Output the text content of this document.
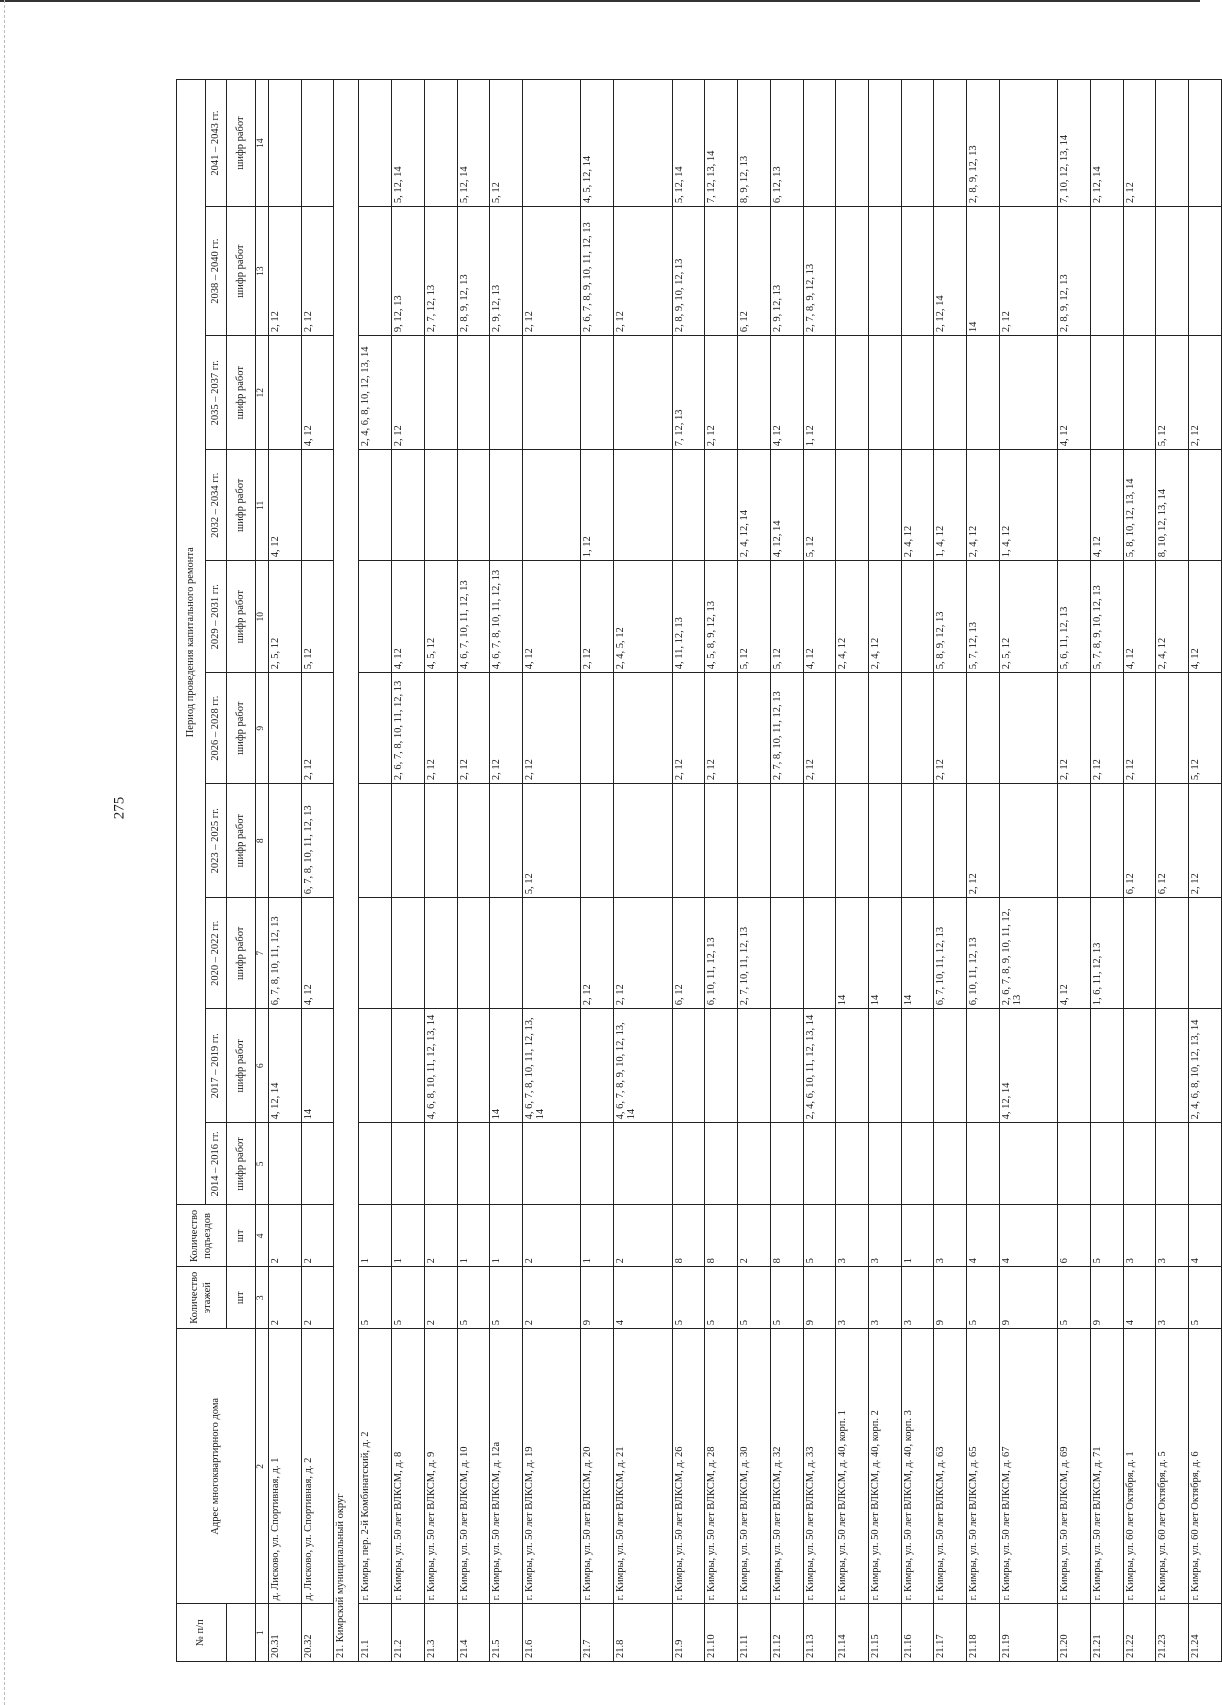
275
№ п/п	Адрес многоквартирного дома	Количество этажей	Количество подъездов	Период проведения капитального ремонта									
				2014 – 2016 гг.	2017 – 2019 гг.	2020 – 2022 гг.	2023 – 2025 гг.	2026 – 2028 гг.	2029 – 2031 гг.	2032 – 2034 гг.	2035 – 2037 гг.	2038 – 2040 гг.	2041 – 2043 гг.
		шт	шт	шифр работ	шифр работ	шифр работ	шифр работ	шифр работ	шифр работ	шифр работ	шифр работ	шифр работ	шифр работ
1	2	3	4	5	6	7	8	9	10	11	12	13	14
20.31	д. Лисково, ул. Спортивная, д. 1	2	2		4, 12, 14	6, 7, 8, 10, 11, 12, 13			2, 5, 12	4, 12		2, 12	
20.32	д. Лисково, ул. Спортивная, д. 2	2	2		14	4, 12	6, 7, 8, 10, 11, 12, 13	2, 12	5, 12		4, 12	2, 12	
21. Кимрский муниципальный округ													
21.1	г. Кимры, пер. 2-й Комбинатский, д. 2	5	1								2, 4, 6, 8, 10, 12, 13, 14		
21.2	г. Кимры, ул. 50 лет ВЛКСМ, д. 8	5	1					2, 6, 7, 8, 10, 11, 12, 13	4, 12		2, 12	9, 12, 13	5, 12, 14
21.3	г. Кимры, ул. 50 лет ВЛКСМ, д. 9	2	2		4, 6, 8, 10, 11, 12, 13, 14			2, 12	4, 5, 12			2, 7, 12, 13	
21.4	г. Кимры, ул. 50 лет ВЛКСМ, д. 10	5	1					2, 12	4, 6, 7, 10, 11, 12, 13			2, 8, 9, 12, 13	5, 12, 14
21.5	г. Кимры, ул. 50 лет ВЛКСМ, д. 12а	5	1		14			2, 12	4, 6, 7, 8, 10, 11, 12, 13			2, 9, 12, 13	5, 12
21.6	г. Кимры, ул. 50 лет ВЛКСМ, д. 19	2	2		4, 6, 7, 8, 10, 11, 12, 13, 14		5, 12	2, 12	4, 12			2, 12	
21.7	г. Кимры, ул. 50 лет ВЛКСМ, д. 20	9	1			2, 12			2, 12	1, 12		2, 6, 7, 8, 9, 10, 11, 12, 13	4, 5, 12, 14
21.8	г. Кимры, ул. 50 лет ВЛКСМ, д. 21	4	2		4, 6, 7, 8, 9, 10, 12, 13, 14	2, 12			2, 4, 5, 12			2, 12	
21.9	г. Кимры, ул. 50 лет ВЛКСМ, д. 26	5	8			6, 12		2, 12	4, 11, 12, 13		7, 12, 13	2, 8, 9, 10, 12, 13	5, 12, 14
21.10	г. Кимры, ул. 50 лет ВЛКСМ, д. 28	5	8			6, 10, 11, 12, 13		2, 12	4, 5, 8, 9, 12, 13		2, 12		7, 12, 13, 14
21.11	г. Кимры, ул. 50 лет ВЛКСМ, д. 30	5	2			2, 7, 10, 11, 12, 13			5, 12	2, 4, 12, 14		6, 12	8, 9, 12, 13
21.12	г. Кимры, ул. 50 лет ВЛКСМ, д. 32	5	8					2, 7, 8, 10, 11, 12, 13	5, 12	4, 12, 14	4, 12	2, 9, 12, 13	6, 12, 13
21.13	г. Кимры, ул. 50 лет ВЛКСМ, д. 33	9	5		2, 4, 6, 10, 11, 12, 13, 14			2, 12	4, 12	5, 12	1, 12	2, 7, 8, 9, 12, 13	
21.14	г. Кимры, ул. 50 лет ВЛКСМ, д. 40, корп. 1	3	3			14			2, 4, 12				
21.15	г. Кимры, ул. 50 лет ВЛКСМ, д. 40, корп. 2	3	3			14			2, 4, 12				
21.16	г. Кимры, ул. 50 лет ВЛКСМ, д. 40, корп. 3	3	1			14				2, 4, 12			
21.17	г. Кимры, ул. 50 лет ВЛКСМ, д. 63	9	3			6, 7, 10, 11, 12, 13		2, 12	5, 8, 9, 12, 13	1, 4, 12		2, 12, 14	
21.18	г. Кимры, ул. 50 лет ВЛКСМ, д. 65	5	4			6, 10, 11, 12, 13	2, 12		5, 7, 12, 13	2, 4, 12		14	2, 8, 9, 12, 13
21.19	г. Кимры, ул. 50 лет ВЛКСМ, д. 67	9	4		4, 12, 14	2, 6, 7, 8, 9, 10, 11, 12, 13			2, 5, 12	1, 4, 12		2, 12	
21.20	г. Кимры, ул. 50 лет ВЛКСМ, д. 69	5	6			4, 12		2, 12	5, 6, 11, 12, 13		4, 12	2, 8, 9, 12, 13	7, 10, 12, 13, 14
21.21	г. Кимры, ул. 50 лет ВЛКСМ, д. 71	9	5			1, 6, 11, 12, 13		2, 12	5, 7, 8, 9, 10, 12, 13	4, 12			2, 12, 14
21.22	г. Кимры, ул. 60 лет Октября, д. 1	4	3				6, 12	2, 12	4, 12	5, 8, 10, 12, 13, 14			2, 12
21.23	г. Кимры, ул. 60 лет Октября, д. 5	3	3				6, 12		2, 4, 12	8, 10, 12, 13, 14	5, 12		
21.24	г. Кимры, ул. 60 лет Октября, д. 6	5	4		2, 4, 6, 8, 10, 12, 13, 14		2, 12	5, 12	4, 12		2, 12		
